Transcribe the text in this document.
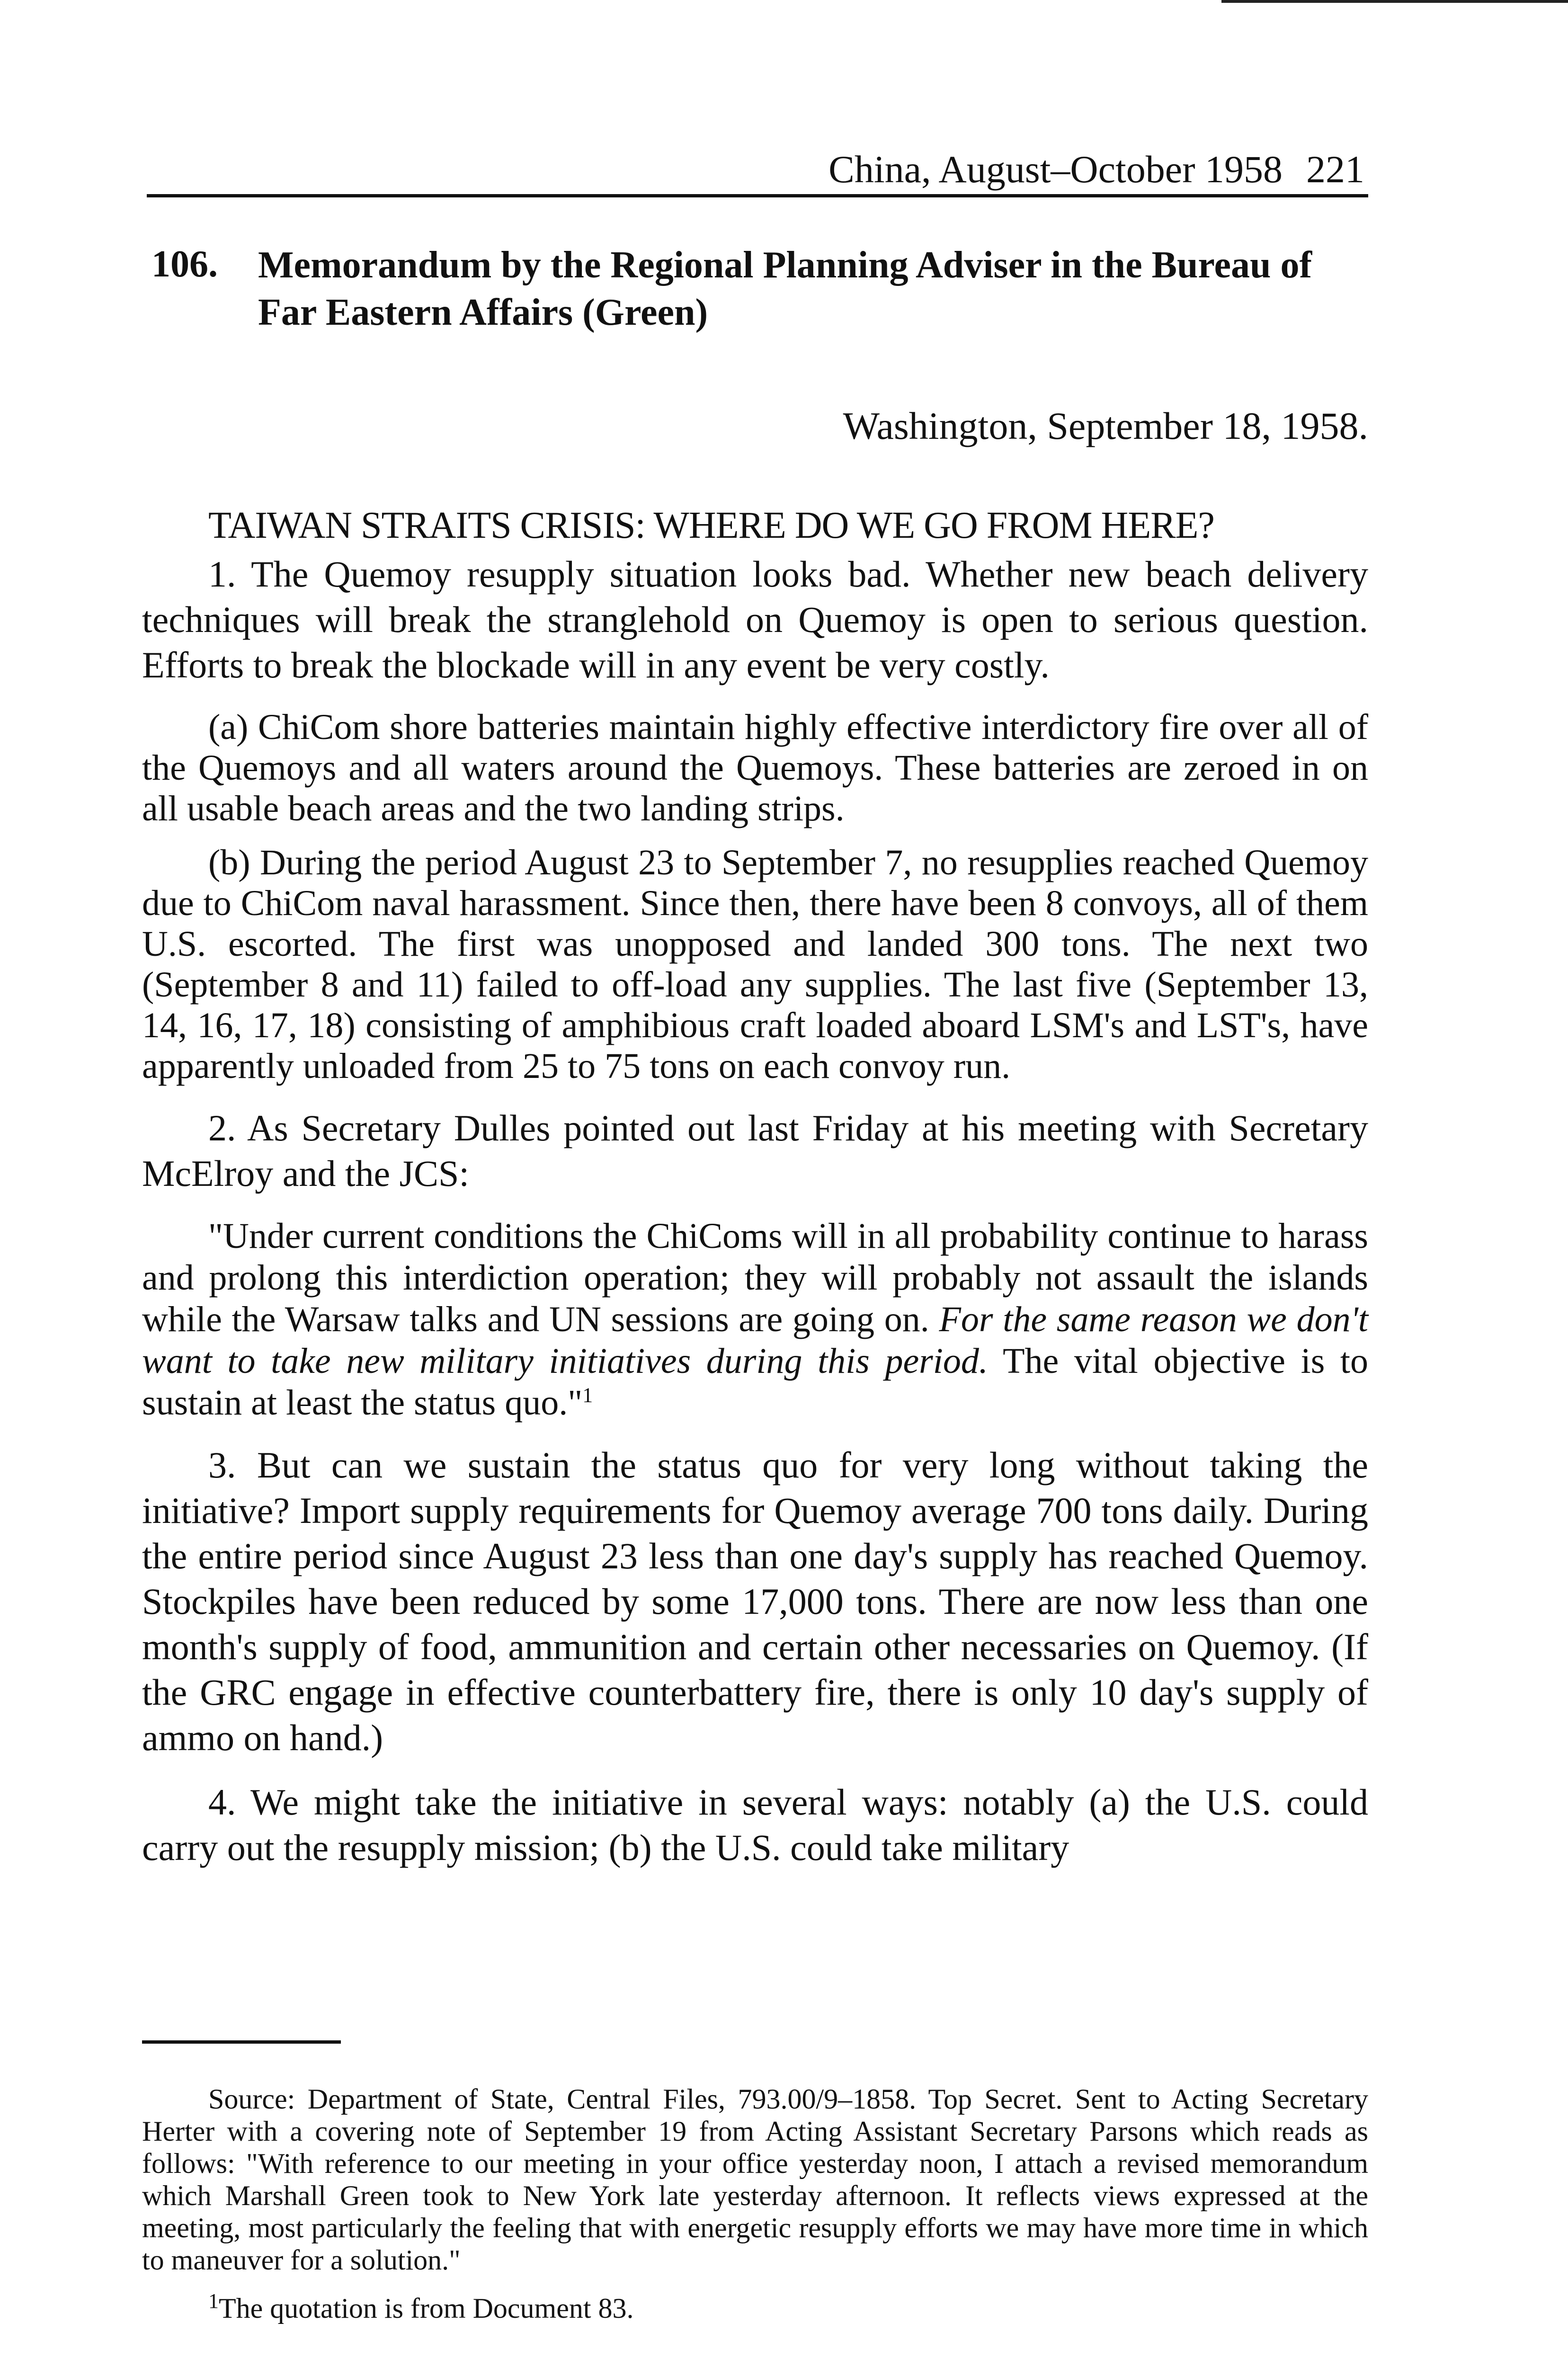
China, August–October 1958 221
106. Memorandum by the Regional Planning Adviser in the Bureau of Far Eastern Affairs (Green)
Washington, September 18, 1958.
TAIWAN STRAITS CRISIS: WHERE DO WE GO FROM HERE?

1. The Quemoy resupply situation looks bad. Whether new beach delivery techniques will break the stranglehold on Quemoy is open to serious question. Efforts to break the blockade will in any event be very costly.

(a) ChiCom shore batteries maintain highly effective interdictory fire over all of the Quemoys and all waters around the Quemoys. These batteries are zeroed in on all usable beach areas and the two landing strips.

(b) During the period August 23 to September 7, no resupplies reached Quemoy due to ChiCom naval harassment. Since then, there have been 8 convoys, all of them U.S. escorted. The first was unopposed and landed 300 tons. The next two (September 8 and 11) failed to off-load any supplies. The last five (September 13, 14, 16, 17, 18) consisting of amphibious craft loaded aboard LSM's and LST's, have apparently unloaded from 25 to 75 tons on each convoy run.

2. As Secretary Dulles pointed out last Friday at his meeting with Secretary McElroy and the JCS:

"Under current conditions the ChiComs will in all probability continue to harass and prolong this interdiction operation; they will probably not assault the islands while the Warsaw talks and UN sessions are going on. For the same reason we don't want to take new military initiatives during this period. The vital objective is to sustain at least the status quo."$^1$

3. But can we sustain the status quo for very long without taking the initiative? Import supply requirements for Quemoy average 700 tons daily. During the entire period since August 23 less than one day's supply has reached Quemoy. Stockpiles have been reduced by some 17,000 tons. There are now less than one month's supply of food, ammunition and certain other necessaries on Quemoy. (If the GRC engage in effective counterbattery fire, there is only 10 day's supply of ammo on hand.)

4. We might take the initiative in several ways: notably (a) the U.S. could carry out the resupply mission; (b) the U.S. could take military

Source: Department of State, Central Files, 793.00/9–1858. Top Secret. Sent to Acting Secretary Herter with a covering note of September 19 from Acting Assistant Secretary Parsons which reads as follows: "With reference to our meeting in your office yesterday noon, I attach a revised memorandum which Marshall Green took to New York late yesterday afternoon. It reflects views expressed at the meeting, most particularly the feeling that with energetic resupply efforts we may have more time in which to maneuver for a solution."

$^1$The quotation is from Document 83.
